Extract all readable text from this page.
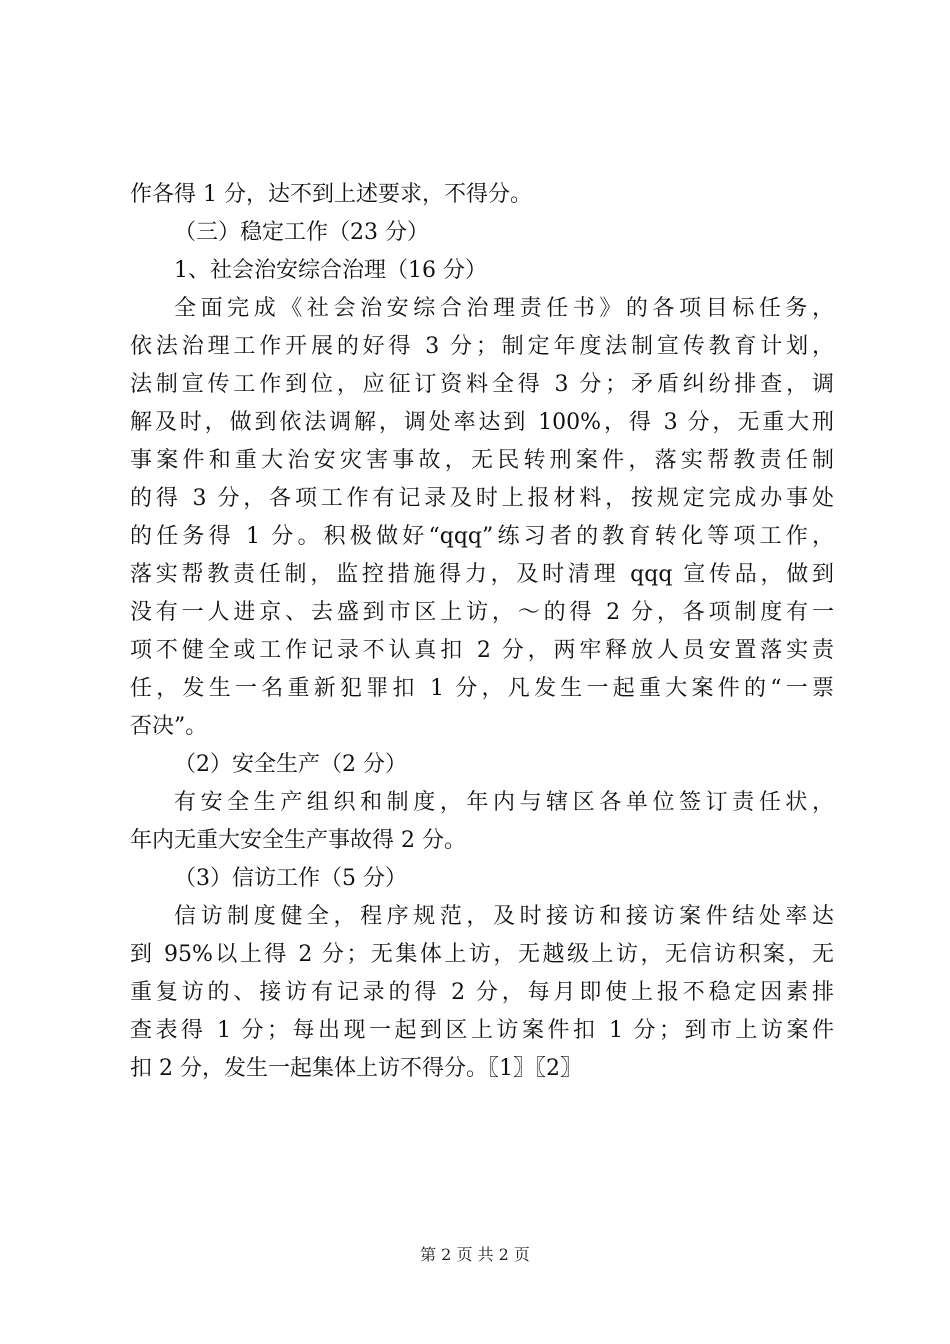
作各得 1 分，达不到上述要求，不得分。
（三）稳定工作（23 分）
1、社会治安综合治理（16 分）
全面完成《社会治安综合治理责任书》的各项目标任务，
依法治理工作开展的好得 3 分；制定年度法制宣传教育计划，
法制宣传工作到位，应征订资料全得 3 分；矛盾纠纷排查，调
解及时，做到依法调解，调处率达到 100%，得 3 分，无重大刑
事案件和重大治安灾害事故，无民转刑案件，落实帮教责任制
的得 3 分，各项工作有记录及时上报材料，按规定完成办事处
的任务得 1 分。积极做好“qqq”练习者的教育转化等项工作，
落实帮教责任制，监控措施得力，及时清理 qqq 宣传品，做到
没有一人进京、去盛到市区上访，～的得 2 分，各项制度有一
项不健全或工作记录不认真扣 2 分，两牢释放人员安置落实责
任，发生一名重新犯罪扣 1 分，凡发生一起重大案件的“一票
否决”。
（2）安全生产（2 分）
有安全生产组织和制度，年内与辖区各单位签订责任状，
年内无重大安全生产事故得 2 分。
（3）信访工作（5 分）
信访制度健全，程序规范，及时接访和接访案件结处率达
到 95%以上得 2 分；无集体上访，无越级上访，无信访积案，无
重复访的、接访有记录的得 2 分，每月即使上报不稳定因素排
查表得 1 分；每出现一起到区上访案件扣 1 分；到市上访案件
扣 2 分，发生一起集体上访不得分。〖1〗〖2〗
第 2 页 共 2 页
